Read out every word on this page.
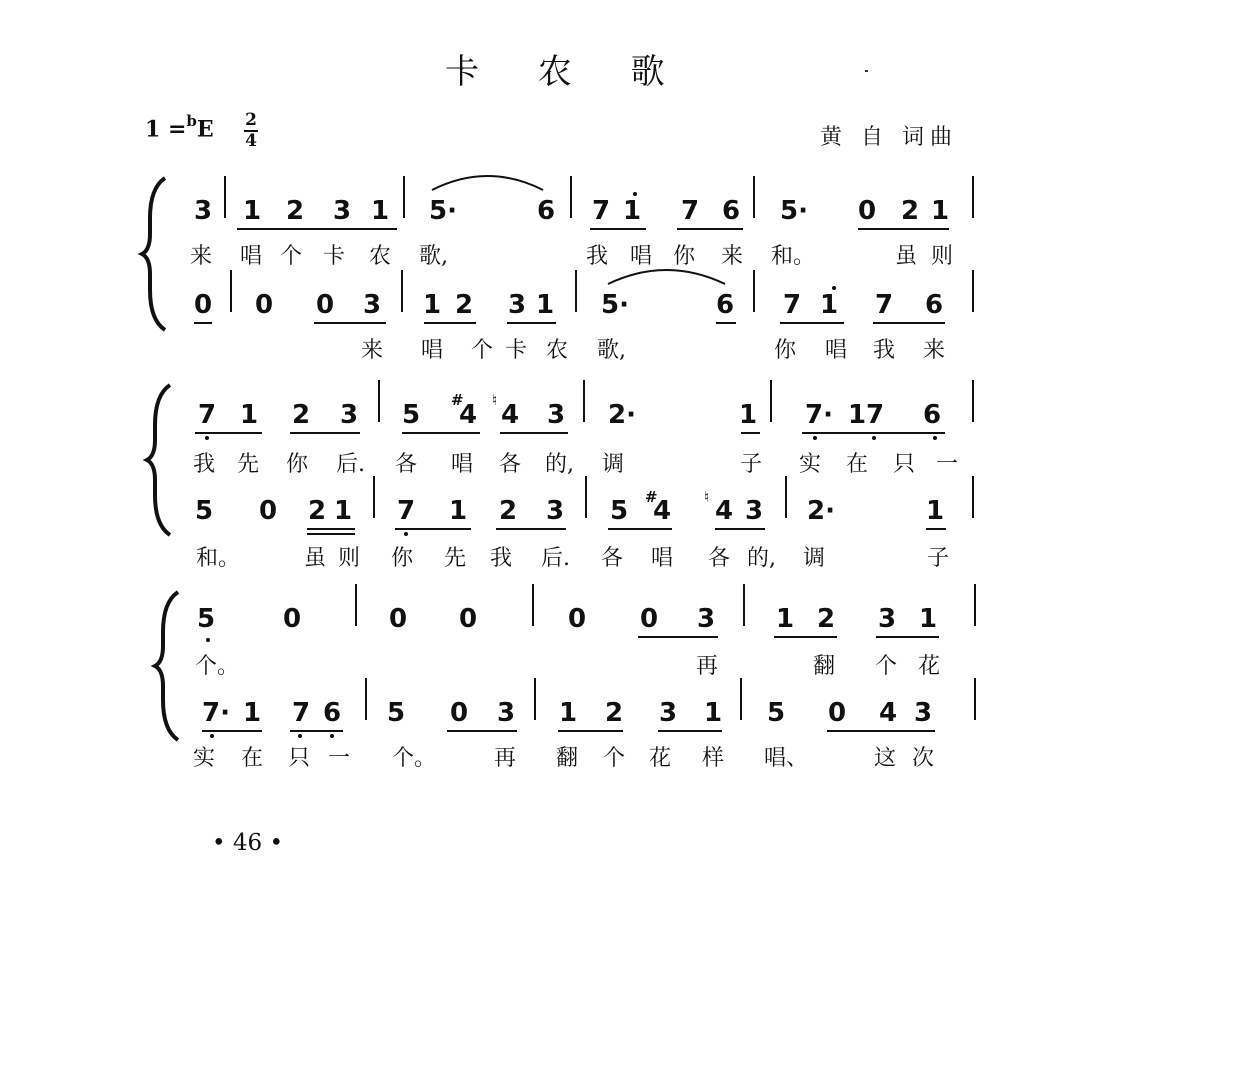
卡 农 歌
1 =$^b$E 2
4	黄 自 词曲
3 1 2 3 1 5·	6 7 1 7 6 5· 0 2 1
来 唱 个 卡 农 歌,	我 唱 你 来 和。	虽 则
0 0 0 3 1 2 3 1 5·	6 7 1 7 6
来 唱 个 卡 农 歌,	你 唱 我 来
7 1 2 3 5 4 4 3 2·	1 7· 1 7 6
# ♮
我 先 你 后. 各 唱 各 的, 调	子 实 在 只 一
5 0 2 1 7 1 2 3 5 4 4 3 2·	1
#	♮
和。	虽 则 你 先 我 后. 各 唱 各 的, 调	子
5	0	0 0	0 0 3 1 2 3 1
个。	再	翻 个 花
7· 1 7 6 5 0 3 1 2 3 1 5 0 4 3
实 在 只 一 个。	再 翻 个 花 样 唱、	这 次
• 46 •
